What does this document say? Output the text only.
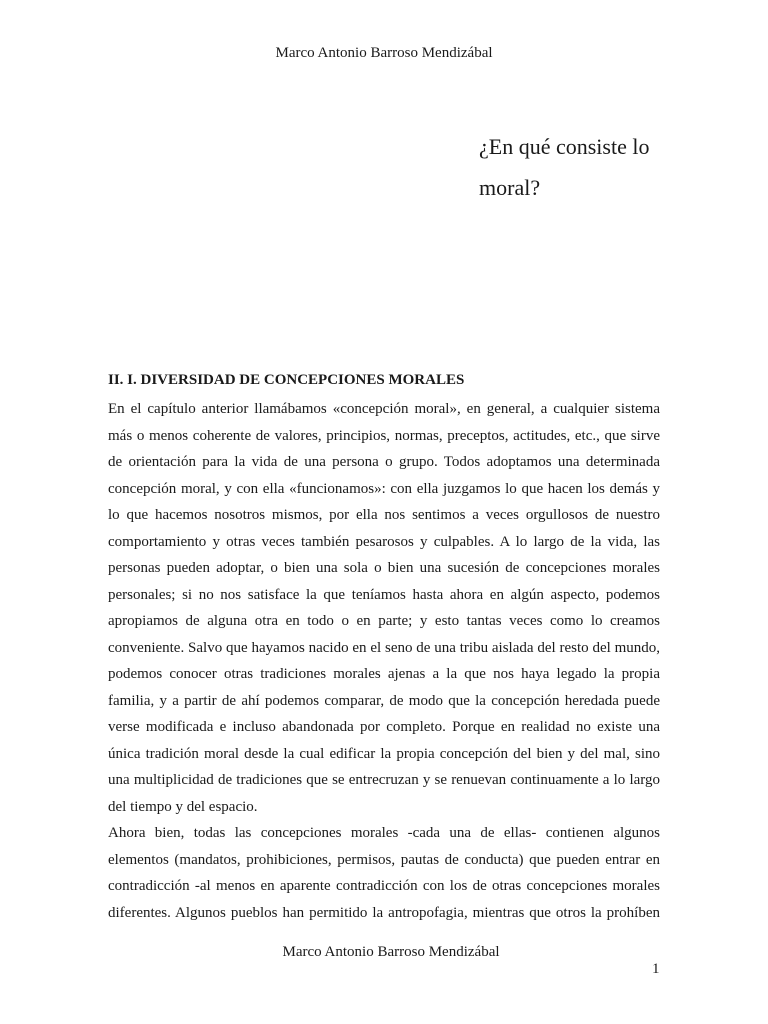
Marco Antonio Barroso Mendizábal
¿En qué consiste lo
moral?
II. I. DIVERSIDAD DE CONCEPCIONES MORALES
En el capítulo anterior llamábamos «concepción moral», en general, a cualquier sistema
más o menos coherente de valores, principios, normas, preceptos, actitudes, etc., que sirve
de orientación para la vida de una persona o grupo. Todos adoptamos una determinada
concepción moral, y con ella «funcionamos»: con ella juzgamos lo que hacen los demás y
lo que hacemos nosotros mismos, por ella nos sentimos a veces orgullosos de nuestro
comportamiento y otras veces también pesarosos y culpables. A lo largo de la vida, las
personas pueden adoptar, o bien una sola o bien una sucesión de concepciones morales
personales; si no nos satisface la que teníamos hasta ahora en algún aspecto, podemos
apropiamos de alguna otra en todo o en parte; y esto tantas veces como lo creamos
conveniente. Salvo que hayamos nacido en el seno de una tribu aislada del resto del mundo,
podemos conocer otras tradiciones morales ajenas a la que nos haya legado la propia
familia, y a partir de ahí podemos comparar, de modo que la concepción heredada puede
verse modificada e incluso abandonada por completo. Porque en realidad no existe una
única tradición moral desde la cual edificar la propia concepción del bien y del mal, sino
una multiplicidad de tradiciones que se entrecruzan y se renuevan continuamente a lo largo
del tiempo y del espacio.
Ahora bien, todas las concepciones morales -cada una de ellas- contienen algunos
elementos (mandatos, prohibiciones, permisos, pautas de conducta) que pueden entrar en
contradicción -al menos en aparente contradicción con los de otras concepciones morales
diferentes. Algunos pueblos han permitido la antropofagia, mientras que otros la prohíben
Marco Antonio Barroso Mendizábal
1
